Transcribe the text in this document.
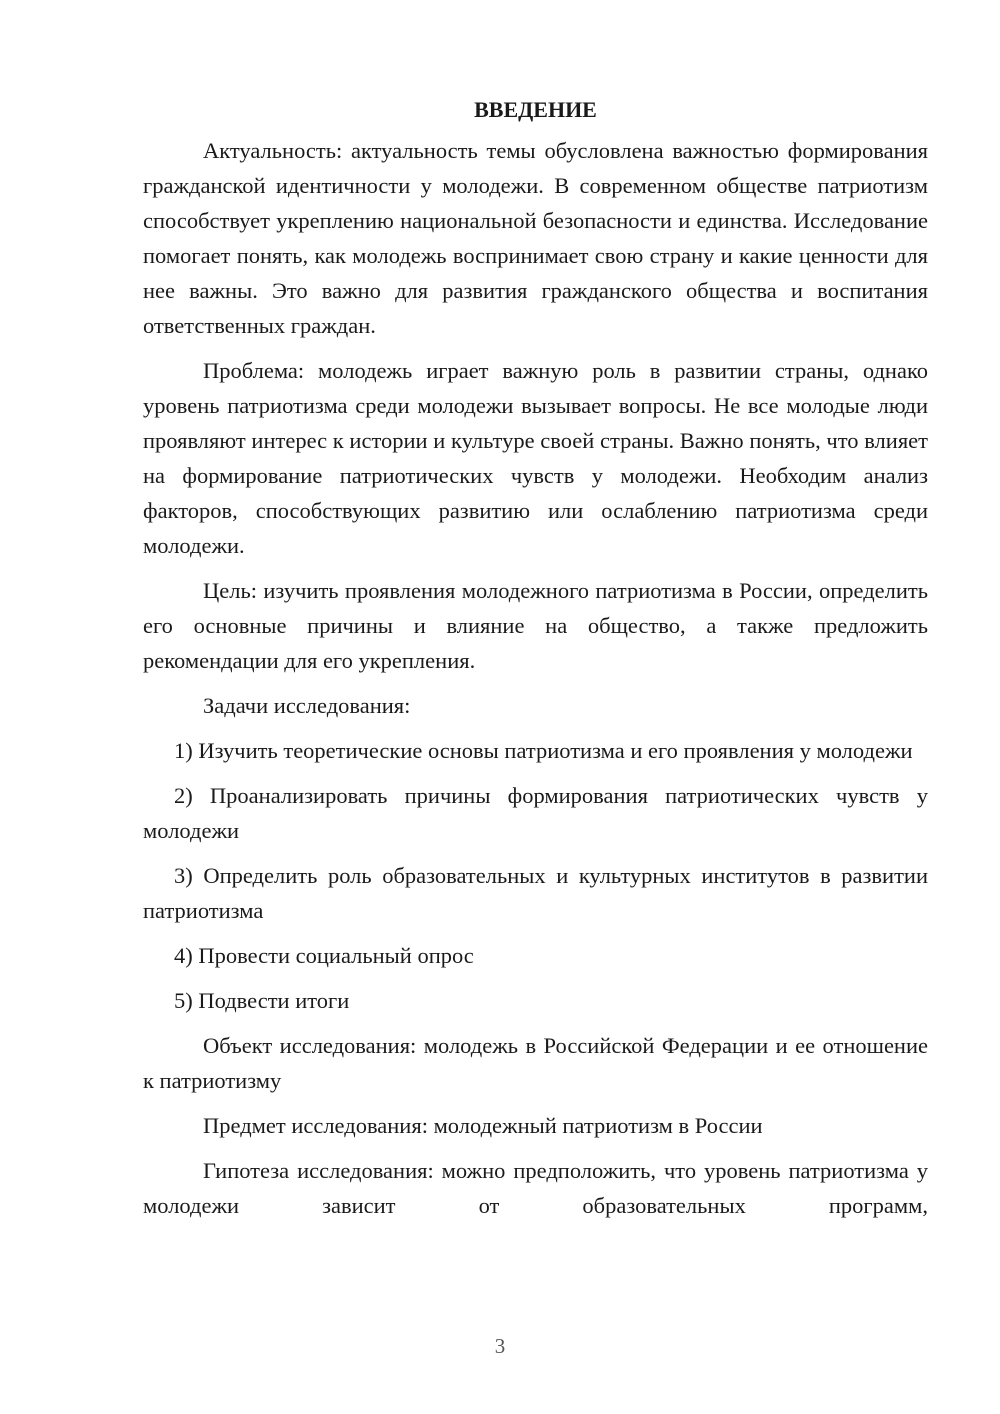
ВВЕДЕНИЕ

Актуальность: актуальность темы обусловлена важностью формирования гражданской идентичности у молодежи. В современном обществе патриотизм способствует укреплению национальной безопасности и единства. Исследование помогает понять, как молодежь воспринимает свою страну и какие ценности для нее важны. Это важно для развития гражданского общества и воспитания ответственных граждан.

Проблема: молодежь играет важную роль в развитии страны, однако уровень патриотизма среди молодежи вызывает вопросы. Не все молодые люди проявляют интерес к истории и культуре своей страны. Важно понять, что влияет на формирование патриотических чувств у молодежи. Необходим анализ факторов, способствующих развитию или ослаблению патриотизма среди молодежи.

Цель: изучить проявления молодежного патриотизма в России, определить его основные причины и влияние на общество, а также предложить рекомендации для его укрепления.

Задачи исследования:

1) Изучить теоретические основы патриотизма и его проявления у молодежи

2) Проанализировать причины формирования патриотических чувств у молодежи

3) Определить роль образовательных и культурных институтов в развитии патриотизма

4) Провести социальный опрос

5) Подвести итоги

Объект исследования: молодежь в Российской Федерации и ее отношение к патриотизму

Предмет исследования: молодежный патриотизм в России

Гипотеза исследования: можно предположить, что уровень патриотизма у молодежи зависит от образовательных программ,

3
